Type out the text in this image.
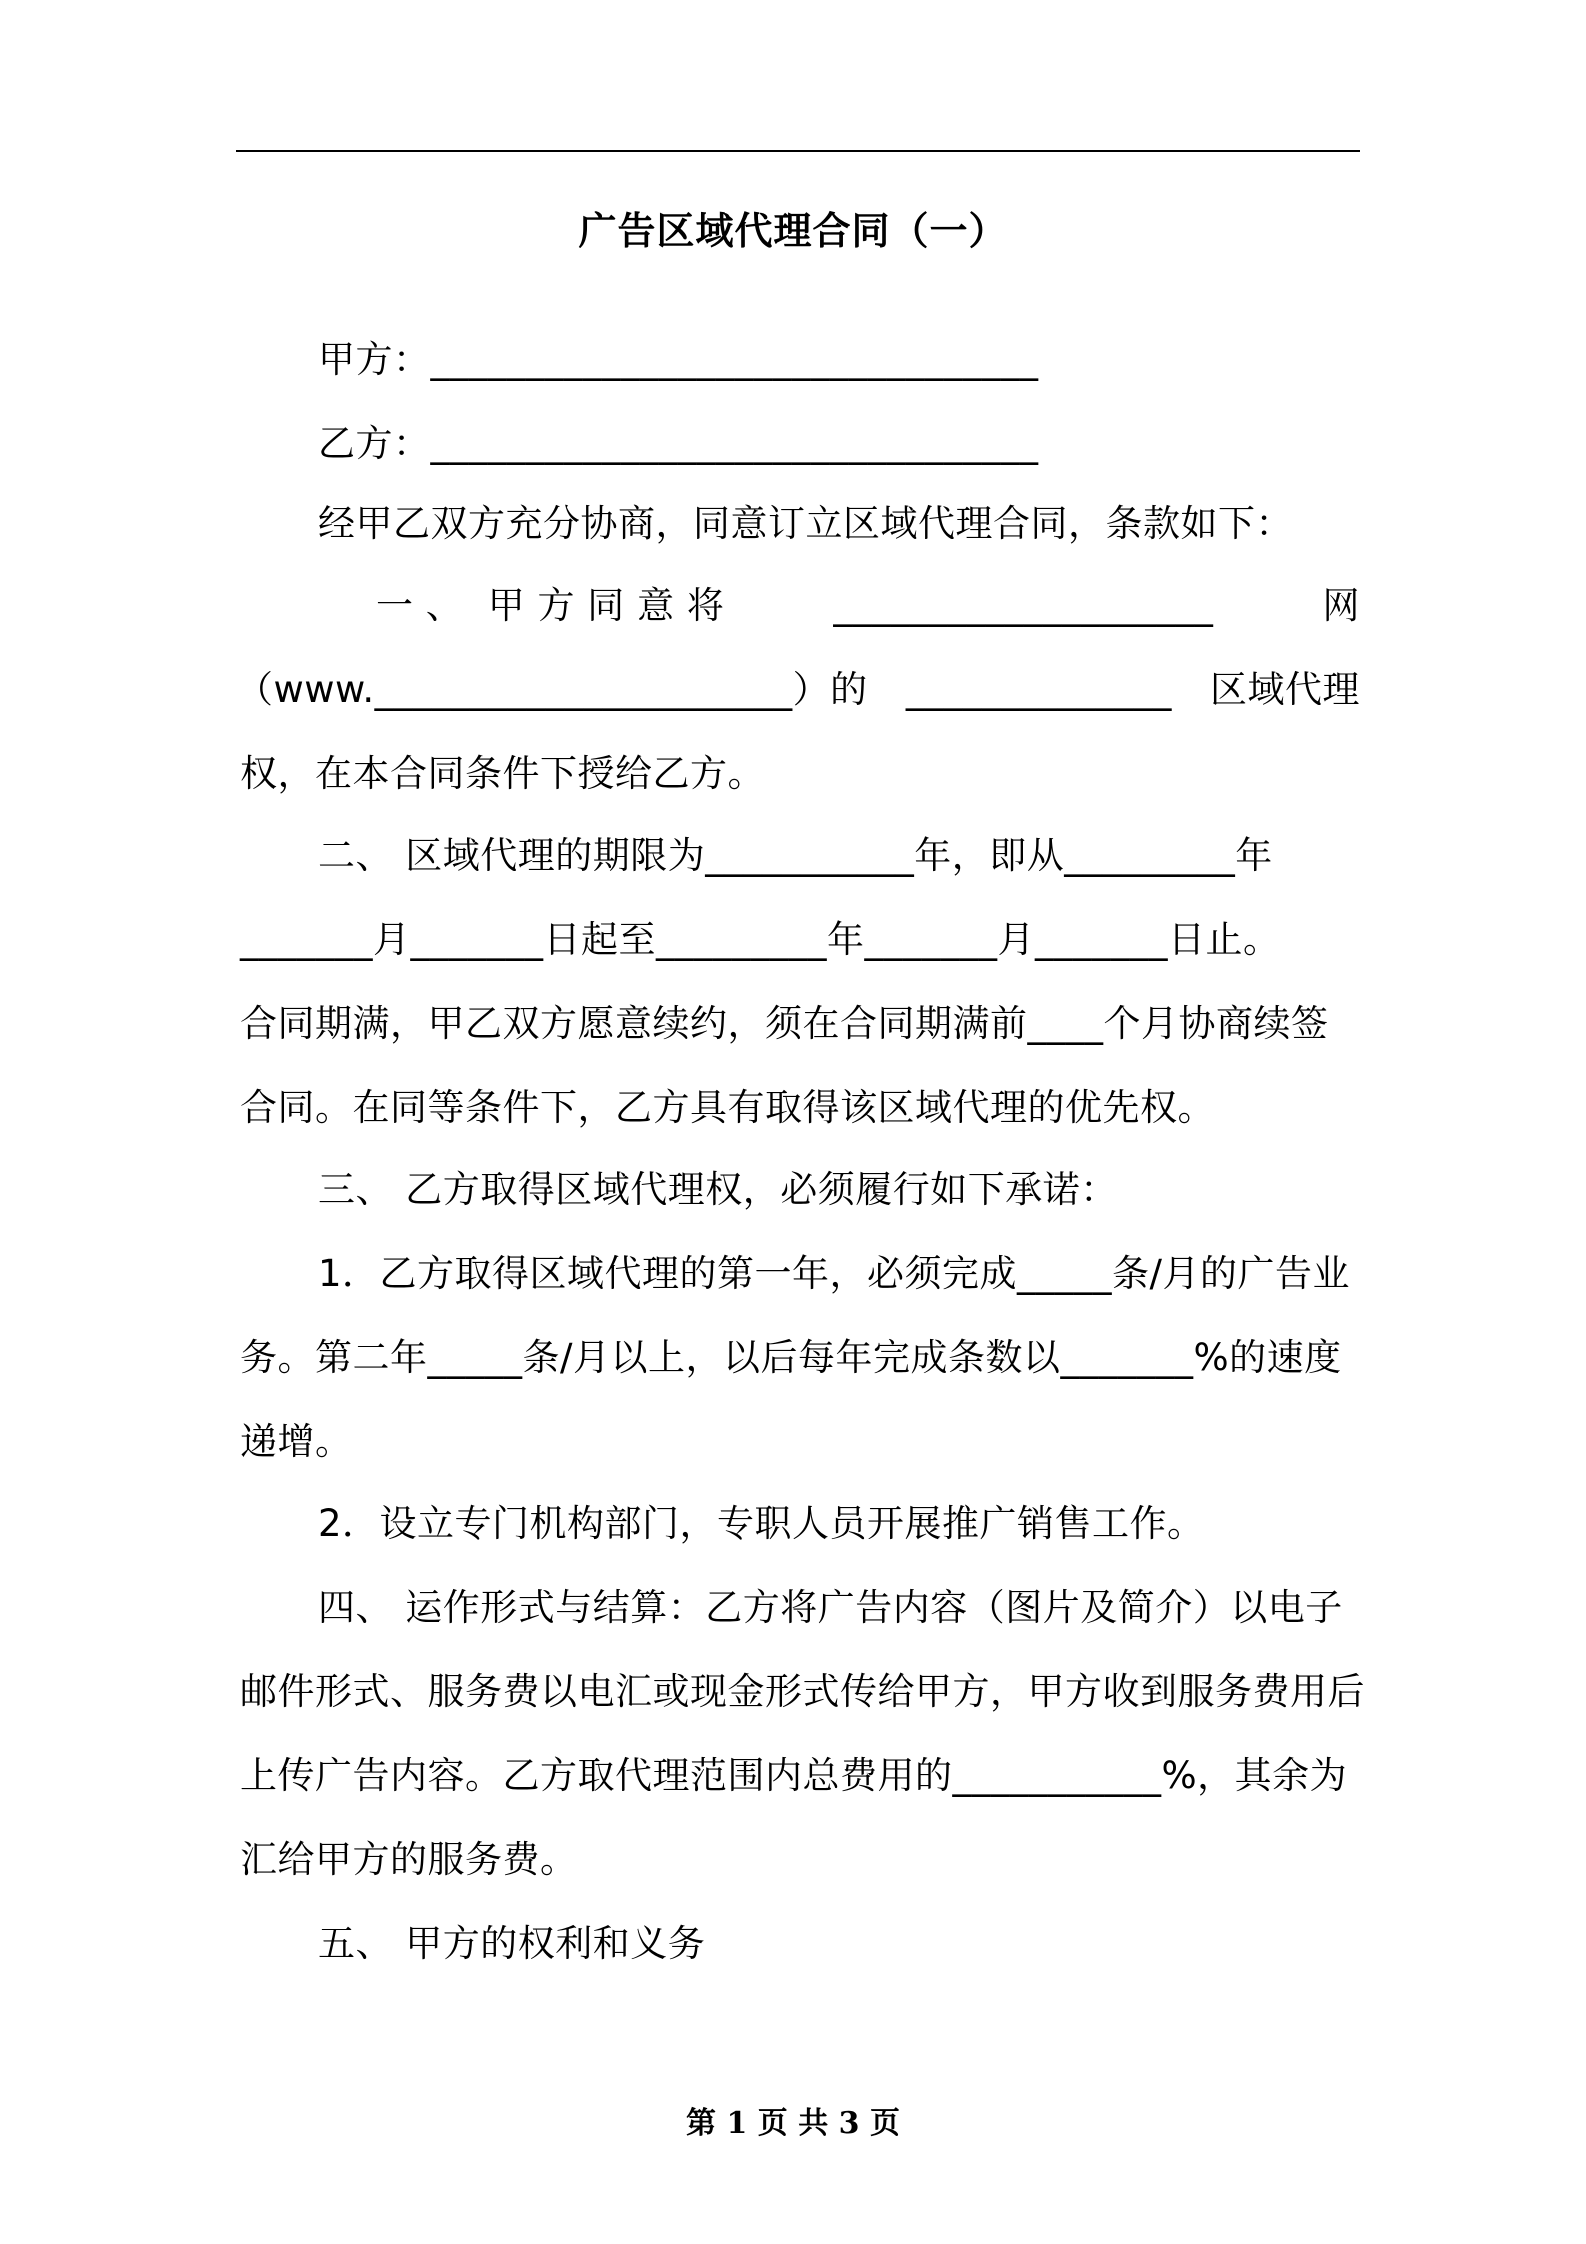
广告区域代理合同（一）
甲方：________________________________
乙方：________________________________
经甲乙双方充分协商，同意订立区域代理合同，条款如下：
一 、  甲 方 同 意 将	____________________	网
（www.______________________）的 ______________ 区域代理
权，在本合同条件下授给乙方。
二、 区域代理的期限为___________年，即从_________年
_______月_______日起至_________年_______月_______日止。
合同期满，甲乙双方愿意续约，须在合同期满前____个月协商续签
合同。在同等条件下，乙方具有取得该区域代理的优先权。
三、 乙方取得区域代理权，必须履行如下承诺：
1．乙方取得区域代理的第一年，必须完成_____条/月的广告业
务。第二年_____条/月以上，以后每年完成条数以_______%的速度
递增。
2．设立专门机构部门，专职人员开展推广销售工作。
四、 运作形式与结算：乙方将广告内容（图片及简介）以电子
邮件形式、服务费以电汇或现金形式传给甲方，甲方收到服务费用后
上传广告内容。乙方取代理范围内总费用的___________%，其余为
汇给甲方的服务费。
五、 甲方的权利和义务
第 1 页 共 3 页
